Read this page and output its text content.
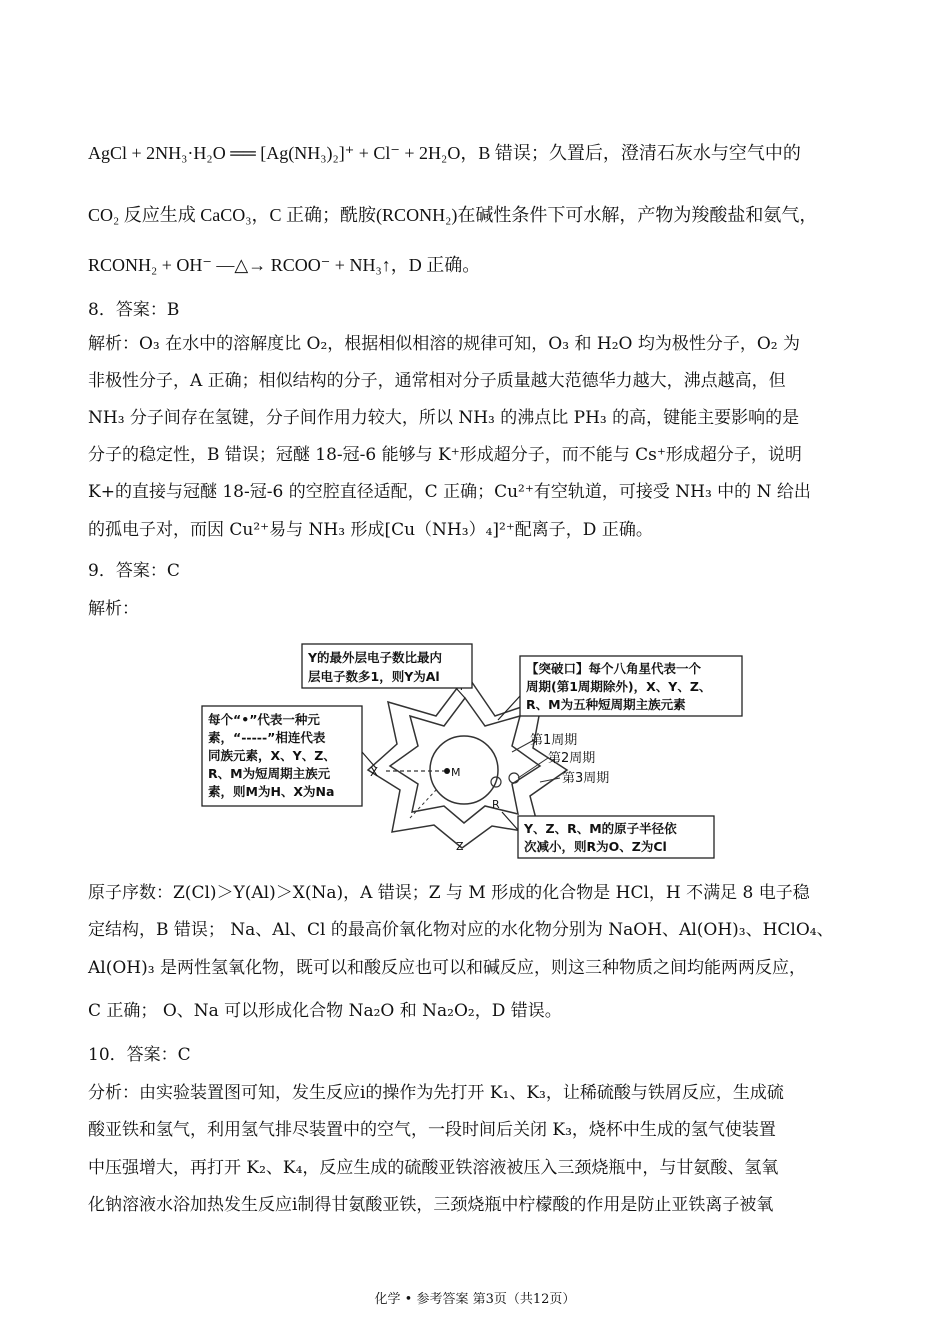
AgCl + 2NH₃·H₂O ══ [Ag(NH₃)₂]⁺ + Cl⁻ + 2H₂O，B 错误；久置后，澄清石灰水与空气中的
CO₂ 反应生成 CaCO₃，C 正确；酰胺(RCONH₂)在碱性条件下可水解，产物为羧酸盐和氨气，
RCONH₂ + OH⁻ —△→ RCOO⁻ + NH₃↑，D 正确。
8．答案：B
解析：O₃ 在水中的溶解度比 O₂，根据相似相溶的规律可知，O₃ 和 H₂O 均为极性分子，O₂ 为
非极性分子，A 正确；相似结构的分子，通常相对分子质量越大范德华力越大，沸点越高，但
NH₃ 分子间存在氢键，分子间作用力较大，所以 NH₃ 的沸点比 PH₃ 的高，键能主要影响的是
分子的稳定性，B 错误；冠醚 18-冠-6 能够与 K⁺形成超分子，而不能与 Cs⁺形成超分子，说明
K+的直接与冠醚 18-冠-6 的空腔直径适配，C 正确；Cu²⁺有空轨道，可接受 NH₃ 中的 N 给出
的孤电子对，而因 Cu²⁺易与 NH₃ 形成[Cu（NH₃）₄]²⁺配离子，D 正确。
9．答案：C
解析：
M
X
Z
R
第1周期
第2周期
第3周期
Y的最外层电子数比最内
层电子数多1，则Y为Al
【突破口】每个八角星代表一个
周期(第1周期除外)，X、Y、Z、
R、M为五种短周期主族元素
每个“•”代表一种元
素，“-----”相连代表
同族元素，X、Y、Z、
R、M为短周期主族元
素，则M为H、X为Na
Y、Z、R、M的原子半径依
次减小，则R为O、Z为Cl
原子序数：Z(Cl)＞Y(Al)＞X(Na)，A 错误；Z 与 M 形成的化合物是 HCl，H 不满足 8 电子稳
定结构，B 错误； Na、Al、Cl 的最高价氧化物对应的水化物分别为 NaOH、Al(OH)₃、HClO₄、
Al(OH)₃ 是两性氢氧化物，既可以和酸反应也可以和碱反应，则这三种物质之间均能两两反应，
C 正确； O、Na 可以形成化合物 Na₂O 和 Na₂O₂，D 错误。
10．答案：C
分析：由实验装置图可知，发生反应i的操作为先打开 K₁、K₃，让稀硫酸与铁屑反应，生成硫
酸亚铁和氢气，利用氢气排尽装置中的空气，一段时间后关闭 K₃，烧杯中生成的氢气使装置
中压强增大，再打开 K₂、K₄，反应生成的硫酸亚铁溶液被压入三颈烧瓶中，与甘氨酸、氢氧
化钠溶液水浴加热发生反应i制得甘氨酸亚铁，三颈烧瓶中柠檬酸的作用是防止亚铁离子被氧
化学 • 参考答案 第3页（共12页）
